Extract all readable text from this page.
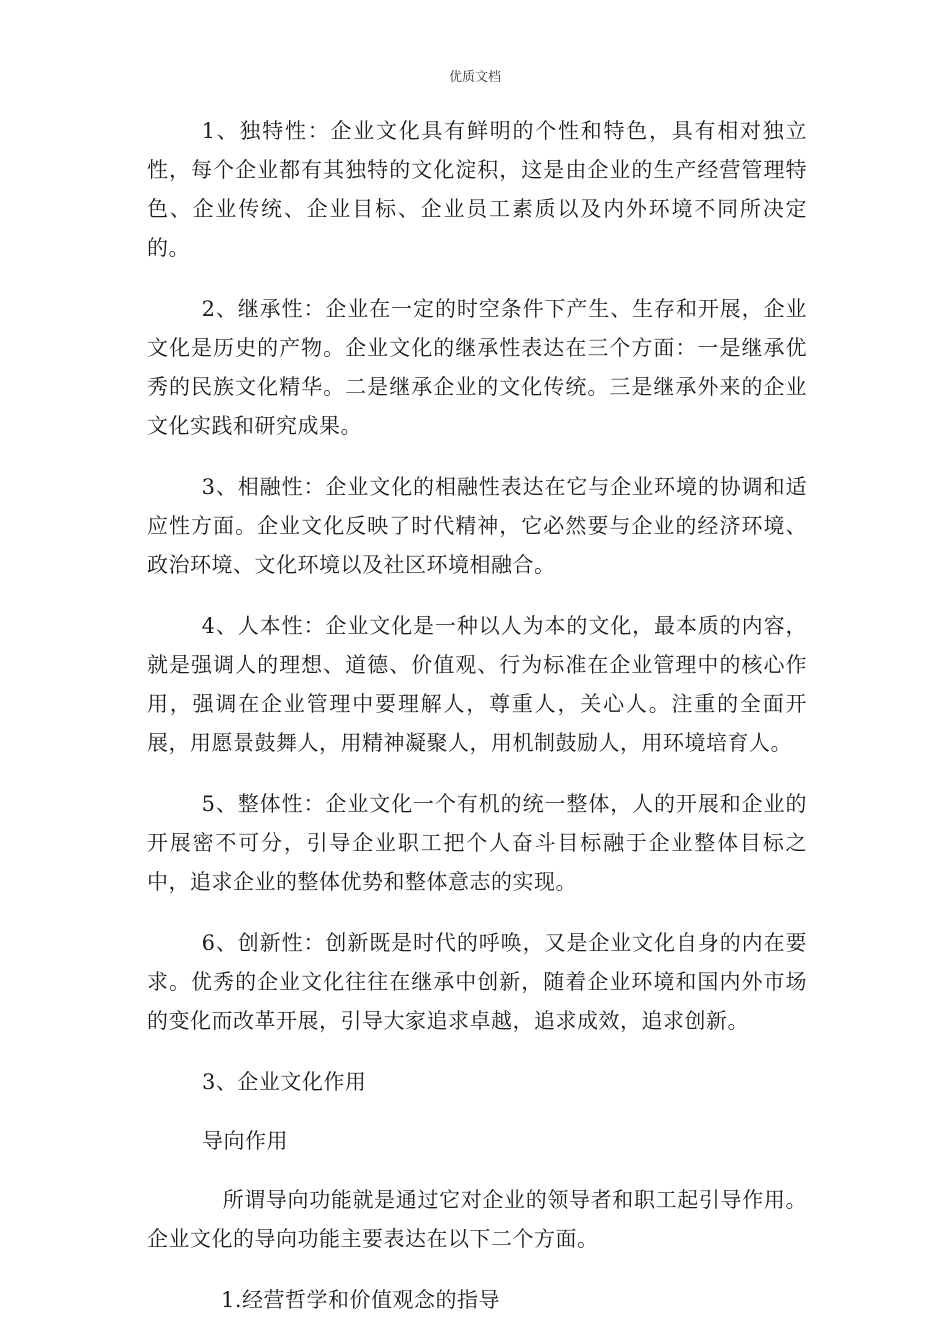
优质文档

1、独特性：企业文化具有鲜明的个性和特色，具有相对独立性，每个企业都有其独特的文化淀积，这是由企业的生产经营管理特色、企业传统、企业目标、企业员工素质以及内外环境不同所决定的。

2、继承性：企业在一定的时空条件下产生、生存和开展，企业文化是历史的产物。企业文化的继承性表达在三个方面：一是继承优秀的民族文化精华。二是继承企业的文化传统。三是继承外来的企业文化实践和研究成果。

3、相融性：企业文化的相融性表达在它与企业环境的协调和适应性方面。企业文化反映了时代精神，它必然要与企业的经济环境、政治环境、文化环境以及社区环境相融合。

4、人本性：企业文化是一种以人为本的文化，最本质的内容，就是强调人的理想、道德、价值观、行为标准在企业管理中的核心作用，强调在企业管理中要理解人，尊重人，关心人。注重的全面开展，用愿景鼓舞人，用精神凝聚人，用机制鼓励人，用环境培育人。

5、整体性：企业文化一个有机的统一整体，人的开展和企业的开展密不可分，引导企业职工把个人奋斗目标融于企业整体目标之中，追求企业的整体优势和整体意志的实现。

6、创新性：创新既是时代的呼唤，又是企业文化自身的内在要求。优秀的企业文化往往在继承中创新，随着企业环境和国内外市场的变化而改革开展，引导大家追求卓越，追求成效，追求创新。

3、企业文化作用

导向作用

所谓导向功能就是通过它对企业的领导者和职工起引导作用。企业文化的导向功能主要表达在以下二个方面。

1.经营哲学和价值观念的指导
